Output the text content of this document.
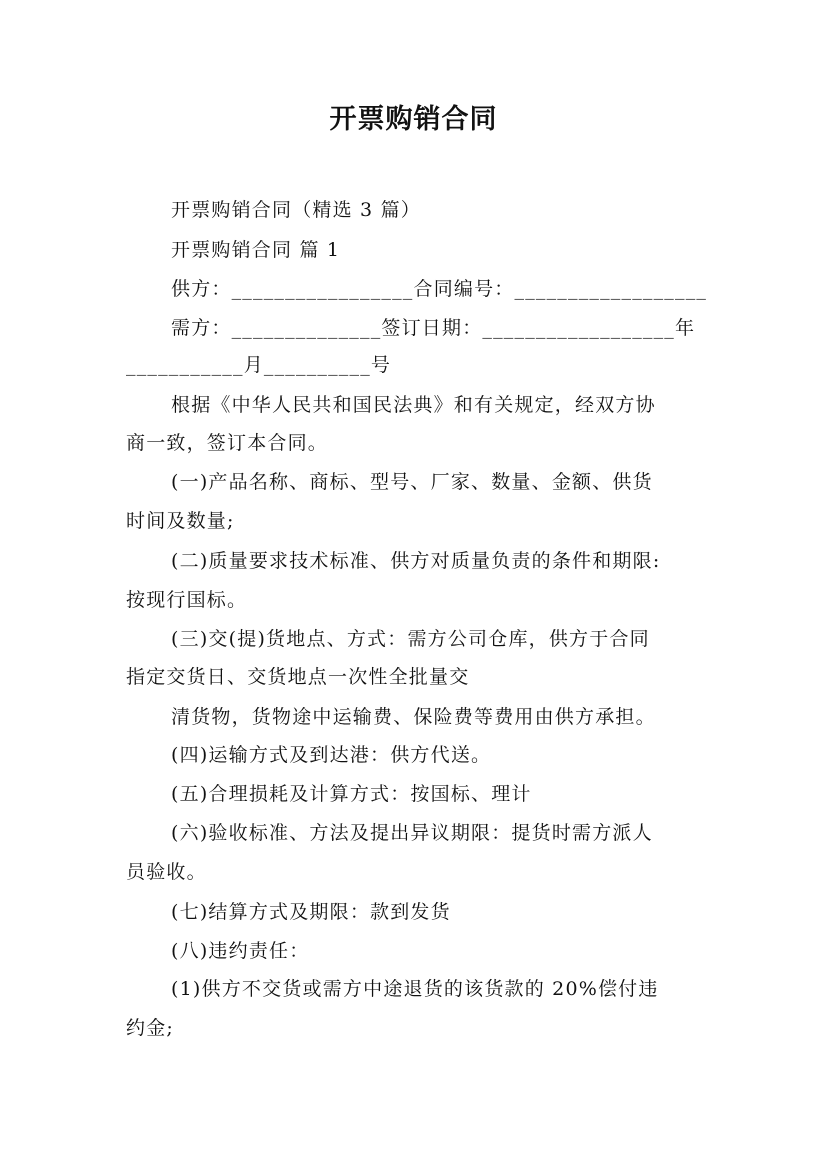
开票购销合同
开票购销合同（精选 3 篇）
开票购销合同 篇 1
供方：_________________合同编号：__________________
需方：______________签订日期：__________________年
___________月__________号
根据《中华人民共和国民法典》和有关规定，经双方协
商一致，签订本合同。
(一)产品名称、商标、型号、厂家、数量、金额、供货
时间及数量;
(二)质量要求技术标准、供方对质量负责的条件和期限:
按现行国标。
(三)交(提)货地点、方式：需方公司仓库，供方于合同
指定交货日、交货地点一次性全批量交
清货物，货物途中运输费、保险费等费用由供方承担。
(四)运输方式及到达港：供方代送。
(五)合理损耗及计算方式：按国标、理计
(六)验收标准、方法及提出异议期限：提货时需方派人
员验收。
(七)结算方式及期限：款到发货
(八)违约责任：
(1)供方不交货或需方中途退货的该货款的 20%偿付违
约金;
